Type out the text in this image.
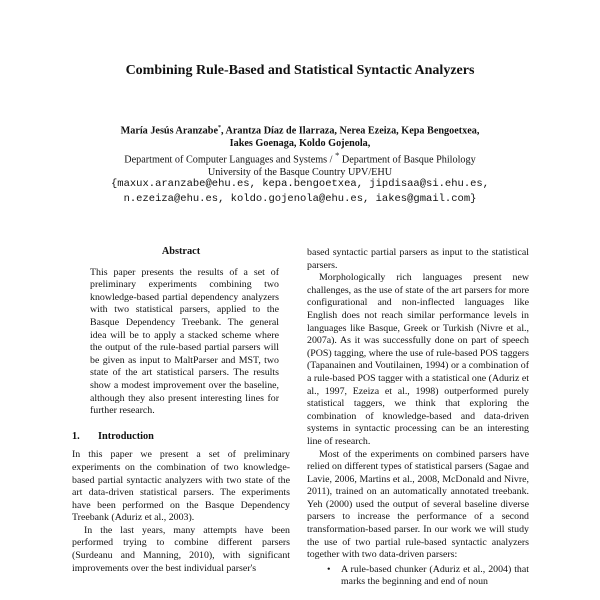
Combining Rule-Based and Statistical Syntactic Analyzers
María Jesús Aranzabe*, Arantza Díaz de Ilarraza, Nerea Ezeiza, Kepa Bengoetxea,
Iakes Goenaga, Koldo Gojenola,
Department of Computer Languages and Systems / * Department of Basque Philology
University of the Basque Country UPV/EHU
{maxux.aranzabe@ehu.es, kepa.bengoetxea, jipdisaa@si.ehu.es,
n.ezeiza@ehu.es, koldo.gojenola@ehu.es, iakes@gmail.com}
Abstract

This paper presents the results of a set of preliminary experiments combining two knowledge-based partial dependency analyzers with two statistical parsers, applied to the Basque Dependency Treebank. The general idea will be to apply a stacked scheme where the output of the rule-based partial parsers will be given as input to MaltParser and MST, two state of the art statistical parsers. The results show a modest improvement over the baseline, although they also present interesting lines for further research.

1. Introduction

In this paper we present a set of preliminary experiments on the combination of two knowledge-based partial syntactic analyzers with two state of the art data-driven statistical parsers. The experiments have been performed on the Basque Dependency Treebank (Aduriz et al., 2003).

In the last years, many attempts have been performed trying to combine different parsers (Surdeanu and Manning, 2010), with significant improvements over the best individual parser's

based syntactic partial parsers as input to the statistical parsers.

Morphologically rich languages present new challenges, as the use of state of the art parsers for more configurational and non-inflected languages like English does not reach similar performance levels in languages like Basque, Greek or Turkish (Nivre et al., 2007a). As it was successfully done on part of speech (POS) tagging, where the use of rule-based POS taggers (Tapanainen and Voutilainen, 1994) or a combination of a rule-based POS tagger with a statistical one (Aduriz et al., 1997, Ezeiza et al., 1998) outperformed purely statistical taggers, we think that exploring the combination of knowledge-based and data-driven systems in syntactic processing can be an interesting line of research.

Most of the experiments on combined parsers have relied on different types of statistical parsers (Sagae and Lavie, 2006, Martins et al., 2008, McDonald and Nivre, 2011), trained on an automatically annotated treebank. Yeh (2000) used the output of several baseline diverse parsers to increase the performance of a second transformation-based parser. In our work we will study the use of two partial rule-based syntactic analyzers together with two data-driven parsers:

• A rule-based chunker (Aduriz et al., 2004) that marks the beginning and end of noun
